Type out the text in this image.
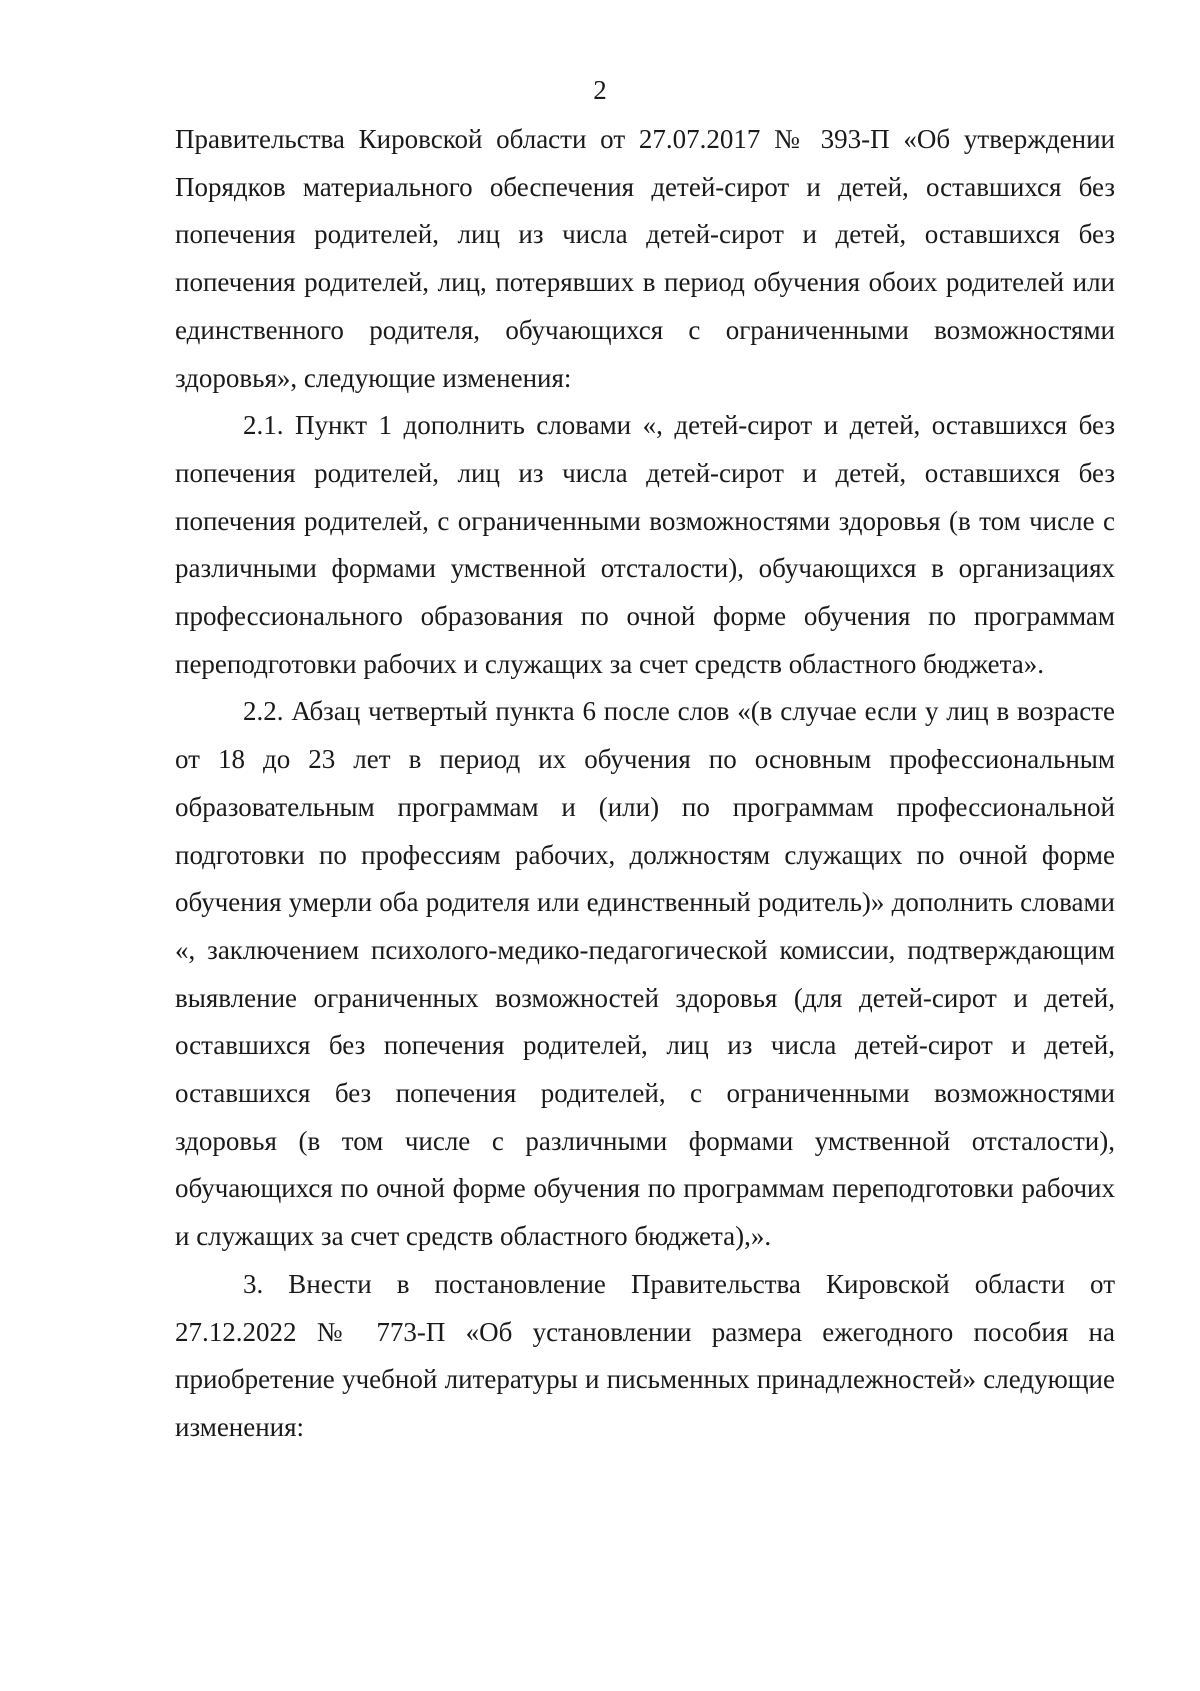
2

Правительства Кировской области от 27.07.2017 № 393-П «Об утверждении Порядков материального обеспечения детей-сирот и детей, оставшихся без попечения родителей, лиц из числа детей-сирот и детей, оставшихся без попечения родителей, лиц, потерявших в период обучения обоих родителей или единственного родителя, обучающихся с ограниченными возможностями здоровья», следующие изменения:

2.1. Пункт 1 дополнить словами «, детей-сирот и детей, оставшихся без попечения родителей, лиц из числа детей-сирот и детей, оставшихся без попечения родителей, с ограниченными возможностями здоровья (в том числе с различными формами умственной отсталости), обучающихся в организациях профессионального образования по очной форме обучения по программам переподготовки рабочих и служащих за счет средств областного бюджета».

2.2. Абзац четвертый пункта 6 после слов «(в случае если у лиц в возрасте от 18 до 23 лет в период их обучения по основным профессиональным образовательным программам и (или) по программам профессиональной подготовки по профессиям рабочих, должностям служащих по очной форме обучения умерли оба родителя или единственный родитель)» дополнить словами «, заключением психолого-медико-педагогической комиссии, подтверждающим выявление ограниченных возможностей здоровья (для детей-сирот и детей, оставшихся без попечения родителей, лиц из числа детей-сирот и детей, оставшихся без попечения родителей, с ограниченными возможностями здоровья (в том числе с различными формами умственной отсталости), обучающихся по очной форме обучения по программам переподготовки рабочих и служащих за счет средств областного бюджета),».

3. Внести в постановление Правительства Кировской области от 27.12.2022 № 773-П «Об установлении размера ежегодного пособия на приобретение учебной литературы и письменных принадлежностей» следующие изменения:
